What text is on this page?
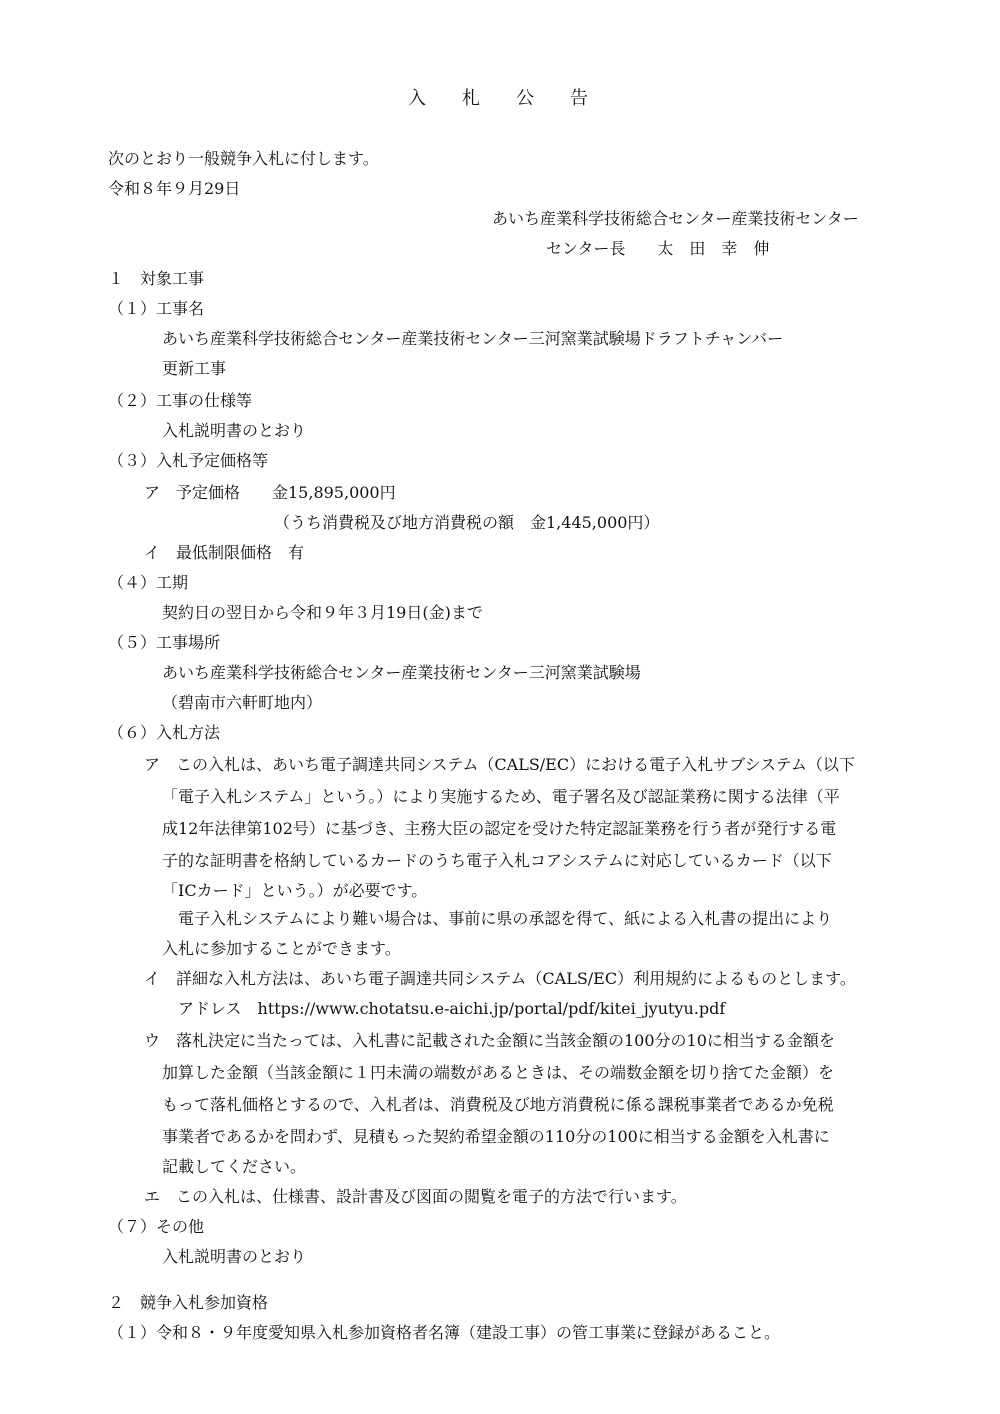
入　　札　　公　　告
次のとおり一般競争入札に付します。
令和８年９月29日
あいち産業科学技術総合センター産業技術センター
センター長　　太　田　幸　伸
１　対象工事
（１）工事名
あいち産業科学技術総合センター産業技術センター三河窯業試験場ドラフトチャンバー
更新工事
（２）工事の仕様等
入札説明書のとおり
（３）入札予定価格等
ア　予定価格　　金15,895,000円
（うち消費税及び地方消費税の額　金1,445,000円）
イ　最低制限価格　有
（４）工期
契約日の翌日から令和９年３月19日(金)まで
（５）工事場所
あいち産業科学技術総合センター産業技術センター三河窯業試験場
（碧南市六軒町地内）
（６）入札方法
ア　この入札は、あいち電子調達共同システム（CALS/EC）における電子入札サブシステム（以下
「電子入札システム」という。）により実施するため、電子署名及び認証業務に関する法律（平
成12年法律第102号）に基づき、主務大臣の認定を受けた特定認証業務を行う者が発行する電
子的な証明書を格納しているカードのうち電子入札コアシステムに対応しているカード（以下
「ICカード」という。）が必要です。
電子入札システムにより難い場合は、事前に県の承認を得て、紙による入札書の提出により
入札に参加することができます。
イ　詳細な入札方法は、あいち電子調達共同システム（CALS/EC）利用規約によるものとします。
アドレス　https://www.chotatsu.e-aichi.jp/portal/pdf/kitei_jyutyu.pdf
ウ　落札決定に当たっては、入札書に記載された金額に当該金額の100分の10に相当する金額を
加算した金額（当該金額に１円未満の端数があるときは、その端数金額を切り捨てた金額）を
もって落札価格とするので、入札者は、消費税及び地方消費税に係る課税事業者であるか免税
事業者であるかを問わず、見積もった契約希望金額の110分の100に相当する金額を入札書に
記載してください。
エ　この入札は、仕様書、設計書及び図面の閲覧を電子的方法で行います。
（７）その他
入札説明書のとおり
２　競争入札参加資格
（１）令和８・９年度愛知県入札参加資格者名簿（建設工事）の管工事業に登録があること。
